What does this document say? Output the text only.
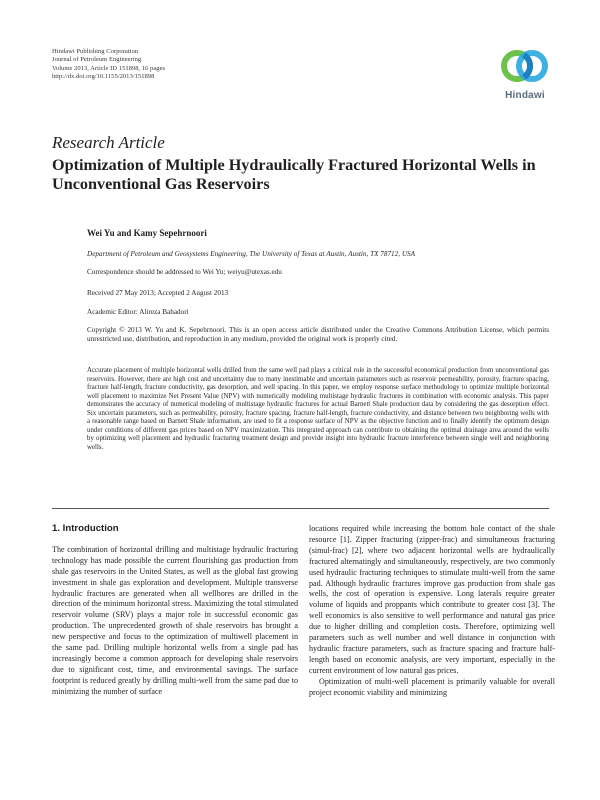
Hindawi Publishing Corporation
Journal of Petroleum Engineering
Volume 2013, Article ID 151898, 16 pages
http://dx.doi.org/10.1155/2013/151898
Hindawi
Research Article
Optimization of Multiple Hydraulically Fractured Horizontal Wells in Unconventional Gas Reservoirs
Wei Yu and Kamy Sepehrnoori
Department of Petroleum and Geosystems Engineering, The University of Texas at Austin, Austin, TX 78712, USA
Correspondence should be addressed to Wei Yu; weiyu@utexas.edu
Received 27 May 2013; Accepted 2 August 2013
Academic Editor: Alireza Bahadori
Copyright © 2013 W. Yu and K. Sepehrnoori. This is an open access article distributed under the Creative Commons Attribution License, which permits unrestricted use, distribution, and reproduction in any medium, provided the original work is properly cited.
Accurate placement of multiple horizontal wells drilled from the same well pad plays a critical role in the successful economical production from unconventional gas reservoirs. However, there are high cost and uncertainty due to many inestimable and uncertain parameters such as reservoir permeability, porosity, fracture spacing, fracture half-length, fracture conductivity, gas desorption, and well spacing. In this paper, we employ response surface methodology to optimize multiple horizontal well placement to maximize Net Present Value (NPV) with numerically modeling multistage hydraulic fractures in combination with economic analysis. This paper demonstrates the accuracy of numerical modeling of multistage hydraulic fractures for actual Barnett Shale production data by considering the gas desorption effect. Six uncertain parameters, such as permeability, porosity, fracture spacing, fracture half-length, fracture conductivity, and distance between two neighboring wells with a reasonable range based on Barnett Shale information, are used to fit a response surface of NPV as the objective function and to finally identify the optimum design under conditions of different gas prices based on NPV maximization. This integrated approach can contribute to obtaining the optimal drainage area around the wells by optimizing well placement and hydraulic fracturing treatment design and provide insight into hydraulic fracture interference between single well and neighboring wells.
1. Introduction

The combination of horizontal drilling and multistage hydraulic fracturing technology has made possible the current flourishing gas production from shale gas reservoirs in the United States, as well as the global fast growing investment in shale gas exploration and development. Multiple transverse hydraulic fractures are generated when all wellbores are drilled in the direction of the minimum horizontal stress. Maximizing the total stimulated reservoir volume (SRV) plays a major role in successful economic gas production. The unprecedented growth of shale reservoirs has brought a new perspective and focus to the optimization of multiwell placement in the same pad. Drilling multiple horizontal wells from a single pad has increasingly become a common approach for developing shale reservoirs due to significant cost, time, and environmental savings. The surface footprint is reduced greatly by drilling multi-well from the same pad due to minimizing the number of surface

locations required while increasing the bottom hole contact of the shale resource [1]. Zipper fracturing (zipper-frac) and simultaneous fracturing (simul-frac) [2], where two adjacent horizontal wells are hydraulically fractured alternatingly and simultaneously, respectively, are two commonly used hydraulic fracturing techniques to stimulate multi-well from the same pad. Although hydraulic fractures improve gas production from shale gas wells, the cost of operation is expensive. Long laterals require greater volume of liquids and proppants which contribute to greater cost [3]. The well economics is also sensitive to well performance and natural gas price due to higher drilling and completion costs. Therefore, optimizing well parameters such as well number and well distance in conjunction with hydraulic fracture parameters, such as fracture spacing and fracture half-length based on economic analysis, are very important, especially in the current environment of low natural gas prices.

Optimization of multi-well placement is primarily valuable for overall project economic viability and minimizing
